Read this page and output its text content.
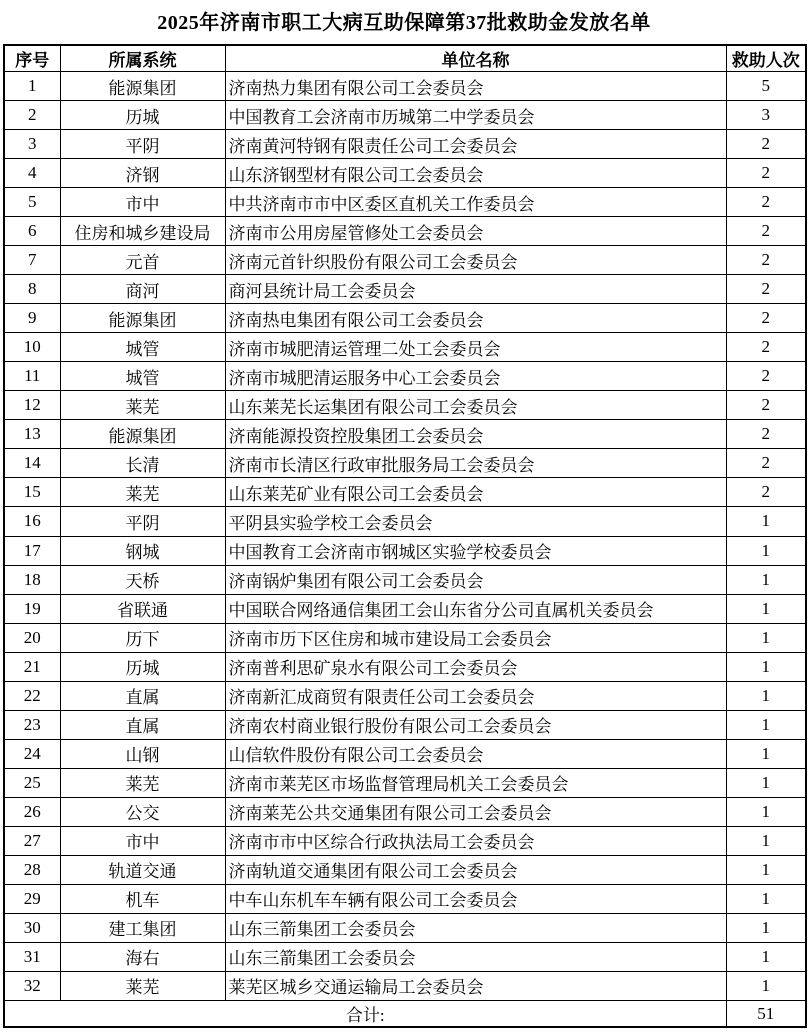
2025年济南市职工大病互助保障第37批救助金发放名单
序号	所属系统	单位名称	救助人次
1	能源集团	济南热力集团有限公司工会委员会	5
2	历城	中国教育工会济南市历城第二中学委员会	3
3	平阴	济南黄河特钢有限责任公司工会委员会	2
4	济钢	山东济钢型材有限公司工会委员会	2
5	市中	中共济南市市中区委区直机关工作委员会	2
6	住房和城乡建设局	济南市公用房屋管修处工会委员会	2
7	元首	济南元首针织股份有限公司工会委员会	2
8	商河	商河县统计局工会委员会	2
9	能源集团	济南热电集团有限公司工会委员会	2
10	城管	济南市城肥清运管理二处工会委员会	2
11	城管	济南市城肥清运服务中心工会委员会	2
12	莱芜	山东莱芜长运集团有限公司工会委员会	2
13	能源集团	济南能源投资控股集团工会委员会	2
14	长清	济南市长清区行政审批服务局工会委员会	2
15	莱芜	山东莱芜矿业有限公司工会委员会	2
16	平阴	平阴县实验学校工会委员会	1
17	钢城	中国教育工会济南市钢城区实验学校委员会	1
18	天桥	济南锅炉集团有限公司工会委员会	1
19	省联通	中国联合网络通信集团工会山东省分公司直属机关委员会	1
20	历下	济南市历下区住房和城市建设局工会委员会	1
21	历城	济南普利思矿泉水有限公司工会委员会	1
22	直属	济南新汇成商贸有限责任公司工会委员会	1
23	直属	济南农村商业银行股份有限公司工会委员会	1
24	山钢	山信软件股份有限公司工会委员会	1
25	莱芜	济南市莱芜区市场监督管理局机关工会委员会	1
26	公交	济南莱芜公共交通集团有限公司工会委员会	1
27	市中	济南市市中区综合行政执法局工会委员会	1
28	轨道交通	济南轨道交通集团有限公司工会委员会	1
29	机车	中车山东机车车辆有限公司工会委员会	1
30	建工集团	山东三箭集团工会委员会	1
31	海右	山东三箭集团工会委员会	1
32	莱芜	莱芜区城乡交通运输局工会委员会	1
合计:			51
